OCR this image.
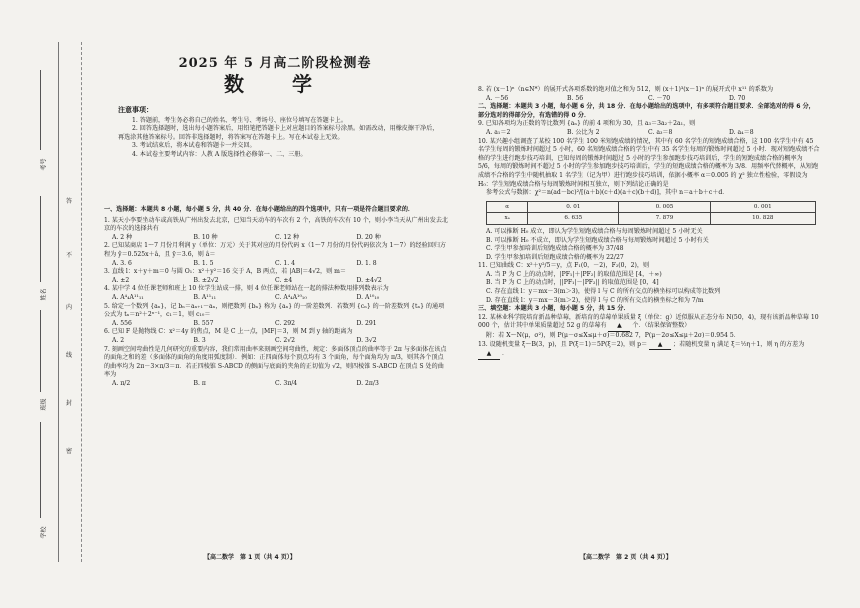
答
不
内
线
封
密
考号
姓名
班级
学校
2025 年 5 月高二阶段检测卷
数　学
注意事项：
1. 答题前，考生务必将自己的姓名、考生号、考场号、座位号填写在答题卡上。
2. 回答选择题时，选出每小题答案后，用铅笔把答题卡上对应题目的答案标号涂黑。如需改动，用橡皮擦干净后，再选涂其他答案标号。回答非选择题时，将答案写在答题卡上。写在本试卷上无效。
3. 考试结束后，将本试卷和答题卡一并交回。
4. 本试卷主要考试内容：人教 A 版选择性必修第一、二、三册。
一、选择题：本题共 8 小题，每小题 5 分，共 40 分．在每小题给出的四个选项中，只有一项是符合题目要求的．
1. 某天小李要坐动车或高铁从广州出发去北京，已知当天动车的车次有 2 个，高铁的车次有 10 个，则小李当天从广州出发去北京的车次的选择共有
A. 2 种	B. 10 种	C. 12 种	D. 20 种
2. 已知某商店 1～7 月份月利润 y（单位：万元）关于其对应的月份代码 x（1～7 月份的月份代码依次为 1～7）的经验回归方程为 ŷ＝0.525x＋â，且 ȳ＝3.6，则 â＝
A. 3. 6	B. 1. 5	C. 1. 4	D. 1. 8
3. 直线 l：x＋y＋m＝0 与圆 O₁：x²＋y²＝16 交于 A，B 两点，若 |AB|＝4√2，则 m＝
A. ±2	B. ±2√2	C. ±4	D. ±4√2
4. 某中学 4 位任课老师和班上 10 位学生站成一排，则 4 位任课老师站在一起的排法种数用排列数表示为
A. A⁴₄A¹¹₁₁	B. A¹¹₁₁	C. A⁴₄A¹⁰₁₀	D. A¹⁰₁₀
5. 给定一个数列 {aₙ}，记 bₙ＝aₙ₊₁－aₙ，则把数列 {bₙ} 称为 {aₙ} 的一阶差数列．若数列 {cₙ} 的一阶差数列 {tₙ} 的通项公式为 tₙ＝n²＋2ⁿ⁻¹，c₁＝1，则 c₁₀＝
A. 556	B. 557	C. 292	D. 291
6. 已知 F 是抛物线 C：x²＝4y 的焦点，M 是 C 上一点，|MF|＝3，则 M 到 y 轴的距离为
A. 2	B. 3	C. 2√2	D. 3√2
7. 刻画空间弯曲性是几何研究的重要内容，我们常用曲率来刻画空间弯曲性，规定：多面体顶点的曲率等于 2π 与多面体在该点的面角之和的差（多面体的面角的角度用弧度制）．例如：正四面体每个顶点均有 3 个面角，每个面角均为 π/3，则其各个顶点的曲率均为 2π－3×π/3＝π．若正四棱锥 S-ABCD 的侧面与底面的夹角的正切值为 √2，则四棱锥 S-ABCD 在顶点 S 处的曲率为
A. π/2	B. π	C. 3π/4	D. 2π/3
【高二数学　第 1 页（共 4 页）】
8. 若 (x－1)ⁿ（n∈N*）的展开式各项系数的绝对值之和为 512，则 (x＋1)³(x－1)ⁿ 的展开式中 x¹¹ 的系数为
A. －56	B. 56	C. －70	D. 70
二、选择题：本题共 3 小题，每小题 6 分，共 18 分．在每小题给出的选项中，有多项符合题目要求．全部选对的得 6 分，部分选对的得部分分，有选错的得 0 分．
9. 已知各项均为正数的等比数列 {aₙ} 的前 4 项和为 30，且 a₃＝3a₂＋2a₁，则
A. a₁＝2	B. 公比为 2	C. a₃＝8	D. a₄＝8
10. 某兴趣小组调查了某校 100 名学生 100 米短跑成绩的情况，其中有 60 名学生的短跑成绩合格，这 100 名学生中有 45 名学生每周的锻炼时间超过 5 小时，60 名短跑成绩合格的学生中有 35 名学生每周的锻炼时间超过 5 小时．现对短跑成绩不合格的学生进行跑步技巧培训，已知每周的锻炼时间超过 5 小时的学生参加跑步技巧培训后，学生的短跑成绩合格的概率为 5/6，每周的锻炼时间不超过 5 小时的学生参加跑步技巧培训后，学生的短跑成绩合格的概率为 3/8．用频率代替概率，从短跑成绩不合格的学生中随机抽取 1 名学生（记为甲）进行跑步技巧培训，依据小概率 α＝0.005 的 χ² 独立性检验，零假设为 H₀：学生短跑成绩合格与每周锻炼时间相互独立，则下列结论正确的是
参考公式与数据：χ²＝n(ad－bc)²/[(a＋b)(c＋d)(a＋c)(b＋d)]，其中 n＝a＋b＋c＋d．
α	0. 01	0. 005	0. 001
xₐ	6. 635	7. 879	10. 828
A. 可以推断 H₀ 成立，即认为学生短跑成绩合格与每周锻炼时间超过 5 小时无关
B. 可以推断 H₀ 不成立，即认为学生短跑成绩合格与每周锻炼时间超过 5 小时有关
C. 学生甲参加培训后短跑成绩合格的概率为 37/48
D. 学生甲参加培训后短跑成绩合格的概率为 22/27
11. 已知曲线 C：x²＋y²/5＝y，点 F₁(0，－2)，F₂(0，2)，则
A. 当 P 为 C 上的动点时，|PF₁|＋|PF₂| 的取值范围是 [4，＋∞)
B. 当 P 为 C 上的动点时，||PF₁|－|PF₂|| 的取值范围是 [0，4]
C. 存在直线 l：y＝mx－3(m＞3)，使得 l 与 C 的所有交点的横坐标可以构成等比数列
D. 存在直线 l：y＝mx－3(m＞2)，使得 l 与 C 的所有交点的横坐标之和为 7/m
三、填空题：本题共 3 小题，每小题 5 分，共 15 分．
12. 某林业科学院培育新品种草莓，新培育的草莓单果质量 ξ（单位：g）近似服从正态分布 N(50，4)，现有该新品种草莓 10 000 个，估计其中单果质量超过 52 g 的草莓有 ▲ 个．（结果保留整数）
附：若 X～N(μ，σ²)，则 P(μ－σ≤X≤μ＋σ)＝0.682 7，P(μ－2σ≤X≤μ＋2σ)＝0.954 5．
13. 设随机变量 ξ～B(3，p)，且 P(ξ＝1)＝5P(ξ＝2)，则 p＝ ▲ ；若随机变量 η 满足 ξ＝½η＋1，则 η 的方差为 ▲ ．
【高二数学　第 2 页（共 4 页）】
